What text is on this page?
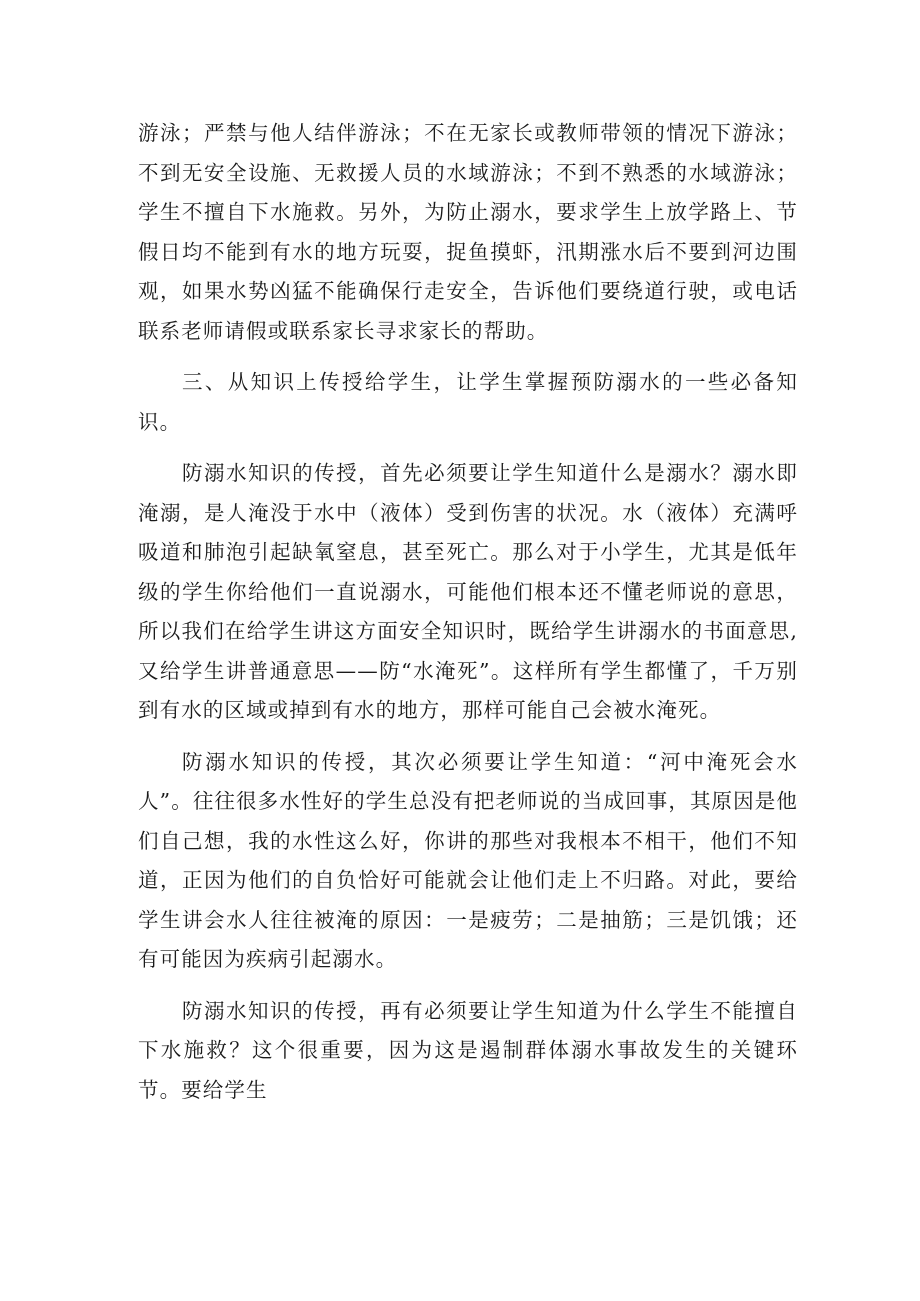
游泳；严禁与他人结伴游泳；不在无家长或教师带领的情况下游泳；不到无安全设施、无救援人员的水域游泳；不到不熟悉的水域游泳；学生不擅自下水施救。另外，为防止溺水，要求学生上放学路上、节假日均不能到有水的地方玩耍，捉鱼摸虾，汛期涨水后不要到河边围观，如果水势凶猛不能确保行走安全，告诉他们要绕道行驶，或电话联系老师请假或联系家长寻求家长的帮助。

三、从知识上传授给学生，让学生掌握预防溺水的一些必备知识。

防溺水知识的传授，首先必须要让学生知道什么是溺水？溺水即淹溺，是人淹没于水中（液体）受到伤害的状况。水（液体）充满呼吸道和肺泡引起缺氧窒息，甚至死亡。那么对于小学生，尤其是低年级的学生你给他们一直说溺水，可能他们根本还不懂老师说的意思，所以我们在给学生讲这方面安全知识时，既给学生讲溺水的书面意思,又给学生讲普通意思——防“水淹死”。这样所有学生都懂了，千万别到有水的区域或掉到有水的地方，那样可能自己会被水淹死。

防溺水知识的传授，其次必须要让学生知道：“河中淹死会水人”。往往很多水性好的学生总没有把老师说的当成回事，其原因是他们自己想，我的水性这么好，你讲的那些对我根本不相干，他们不知道，正因为他们的自负恰好可能就会让他们走上不归路。对此，要给学生讲会水人往往被淹的原因：一是疲劳；二是抽筋；三是饥饿；还有可能因为疾病引起溺水。

防溺水知识的传授，再有必须要让学生知道为什么学生不能擅自下水施救？这个很重要，因为这是遏制群体溺水事故发生的关键环节。要给学生
